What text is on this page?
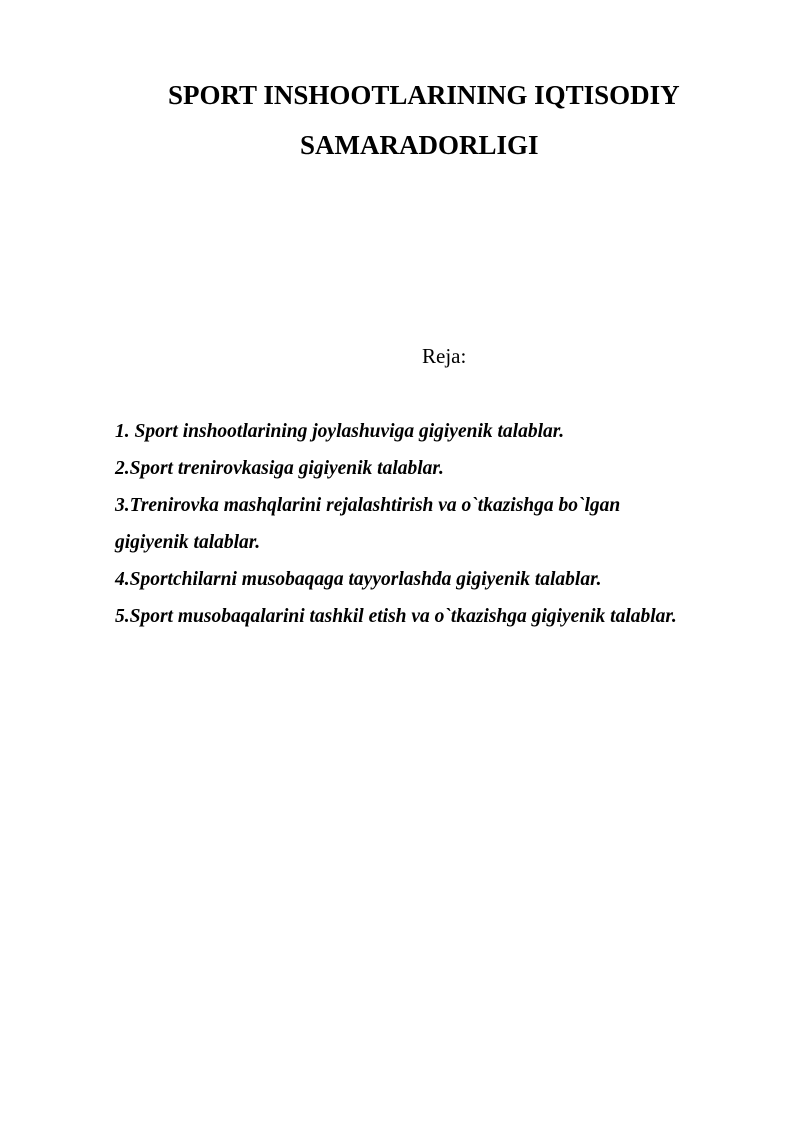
SPORT INSHOOTLARINING IQTISODIY
SAMARADORLIGI
Reja:
1. Sport inshootlarining joylashuviga gigiyenik talablar.
2.Sport trenirovkasiga gigiyenik talablar.
3.Trenirovka mashqlarini rejalashtirish va o`tkazishga bo`lgan
gigiyenik talablar.
4.Sportchilarni musobaqaga tayyorlashda gigiyenik talablar.
5.Sport musobaqalarini tashkil etish va o`tkazishga gigiyenik talablar.
